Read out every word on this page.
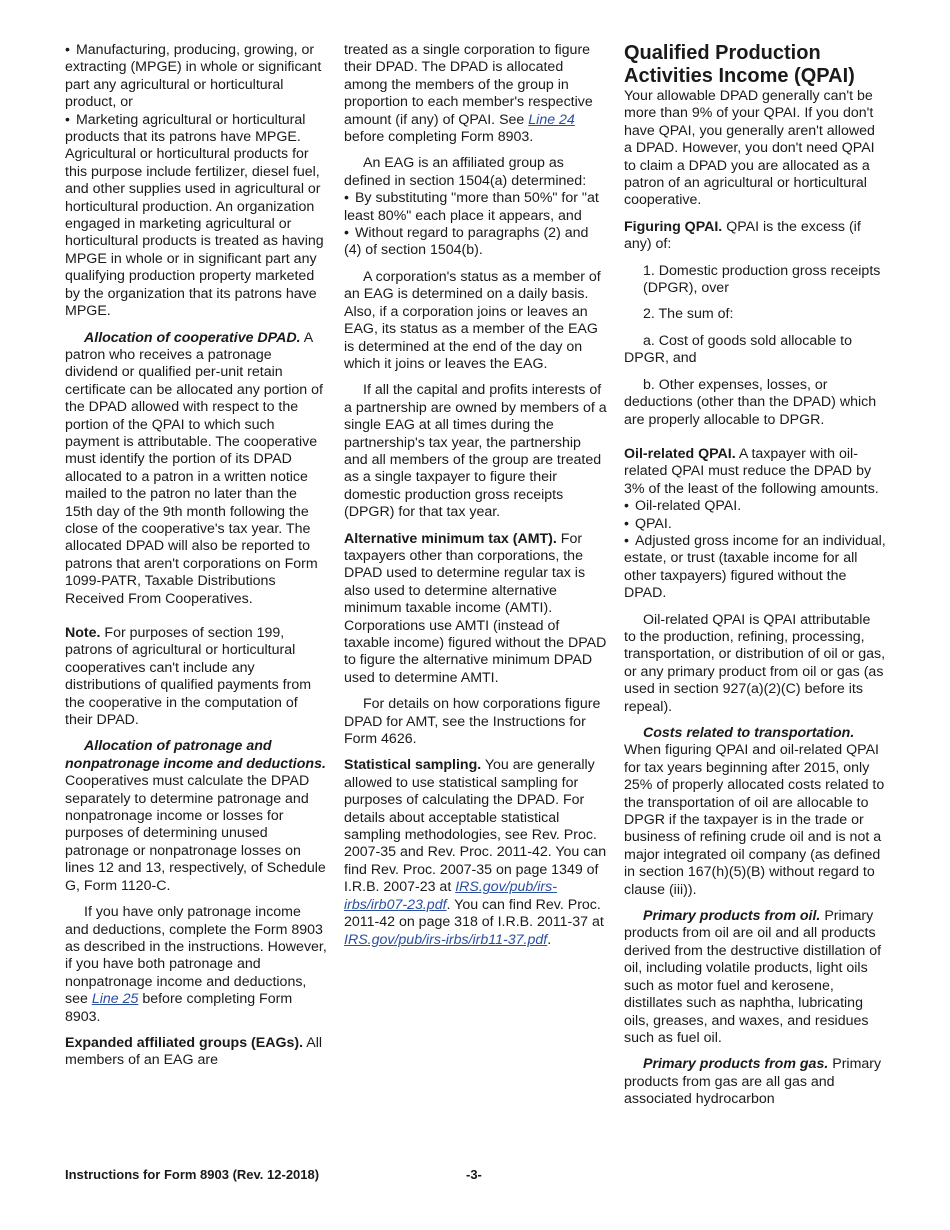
• Manufacturing, producing, growing, or extracting (MPGE) in whole or significant part any agricultural or horticultural product, or

• Marketing agricultural or horticultural products that its patrons have MPGE.

Agricultural or horticultural products for this purpose include fertilizer, diesel fuel, and other supplies used in agricultural or horticultural production. An organization engaged in marketing agricultural or horticultural products is treated as having MPGE in whole or in significant part any qualifying production property marketed by the organization that its patrons have MPGE.

Allocation of cooperative DPAD. A patron who receives a patronage dividend or qualified per-unit retain certificate can be allocated any portion of the DPAD allowed with respect to the portion of the QPAI to which such payment is attributable. The cooperative must identify the portion of its DPAD allocated to a patron in a written notice mailed to the patron no later than the 15th day of the 9th month following the close of the cooperative's tax year. The allocated DPAD will also be reported to patrons that aren't corporations on Form 1099-PATR, Taxable Distributions Received From Cooperatives.

Note. For purposes of section 199, patrons of agricultural or horticultural cooperatives can't include any distributions of qualified payments from the cooperative in the computation of their DPAD.

Allocation of patronage and nonpatronage income and deductions. Cooperatives must calculate the DPAD separately to determine patronage and nonpatronage income or losses for purposes of determining unused patronage or nonpatronage losses on lines 12 and 13, respectively, of Schedule G, Form 1120-C.

If you have only patronage income and deductions, complete the Form 8903 as described in the instructions. However, if you have both patronage and nonpatronage income and deductions, see Line 25 before completing Form 8903.

Expanded affiliated groups (EAGs). All members of an EAG are

treated as a single corporation to figure their DPAD. The DPAD is allocated among the members of the group in proportion to each member's respective amount (if any) of QPAI. See Line 24 before completing Form 8903.

An EAG is an affiliated group as defined in section 1504(a) determined:

• By substituting "more than 50%" for "at least 80%" each place it appears, and

• Without regard to paragraphs (2) and (4) of section 1504(b).

A corporation's status as a member of an EAG is determined on a daily basis. Also, if a corporation joins or leaves an EAG, its status as a member of the EAG is determined at the end of the day on which it joins or leaves the EAG.

If all the capital and profits interests of a partnership are owned by members of a single EAG at all times during the partnership's tax year, the partnership and all members of the group are treated as a single taxpayer to figure their domestic production gross receipts (DPGR) for that tax year.

Alternative minimum tax (AMT). For taxpayers other than corporations, the DPAD used to determine regular tax is also used to determine alternative minimum taxable income (AMTI). Corporations use AMTI (instead of taxable income) figured without the DPAD to figure the alternative minimum DPAD used to determine AMTI.

For details on how corporations figure DPAD for AMT, see the Instructions for Form 4626.

Statistical sampling. You are generally allowed to use statistical sampling for purposes of calculating the DPAD. For details about acceptable statistical sampling methodologies, see Rev. Proc. 2007-35 and Rev. Proc. 2011-42. You can find Rev. Proc. 2007-35 on page 1349 of I.R.B. 2007-23 at IRS.gov/pub/irs-irbs/irb07-23.pdf. You can find Rev. Proc. 2011-42 on page 318 of I.R.B. 2011-37 at IRS.gov/pub/irs-irbs/irb11-37.pdf.

Qualified Production Activities Income (QPAI)

Your allowable DPAD generally can't be more than 9% of your QPAI. If you don't have QPAI, you generally aren't allowed a DPAD. However, you don't need QPAI to claim a DPAD you are allocated as a patron of an agricultural or horticultural cooperative.

Figuring QPAI. QPAI is the excess (if any) of:

1. Domestic production gross receipts (DPGR), over

2. The sum of:

a. Cost of goods sold allocable to DPGR, and

b. Other expenses, losses, or deductions (other than the DPAD) which are properly allocable to DPGR.

Oil-related QPAI. A taxpayer with oil-related QPAI must reduce the DPAD by 3% of the least of the following amounts.

• Oil-related QPAI.

• QPAI.

• Adjusted gross income for an individual, estate, or trust (taxable income for all other taxpayers) figured without the DPAD.

Oil-related QPAI is QPAI attributable to the production, refining, processing, transportation, or distribution of oil or gas, or any primary product from oil or gas (as used in section 927(a)(2)(C) before its repeal).

Costs related to transportation. When figuring QPAI and oil-related QPAI for tax years beginning after 2015, only 25% of properly allocated costs related to the transportation of oil are allocable to DPGR if the taxpayer is in the trade or business of refining crude oil and is not a major integrated oil company (as defined in section 167(h)(5)(B) without regard to clause (iii)).

Primary products from oil. Primary products from oil are oil and all products derived from the destructive distillation of oil, including volatile products, light oils such as motor fuel and kerosene, distillates such as naphtha, lubricating oils, greases, and waxes, and residues such as fuel oil.

Primary products from gas. Primary products from gas are all gas and associated hydrocarbon

Instructions for Form 8903 (Rev. 12-2018)	-3-
